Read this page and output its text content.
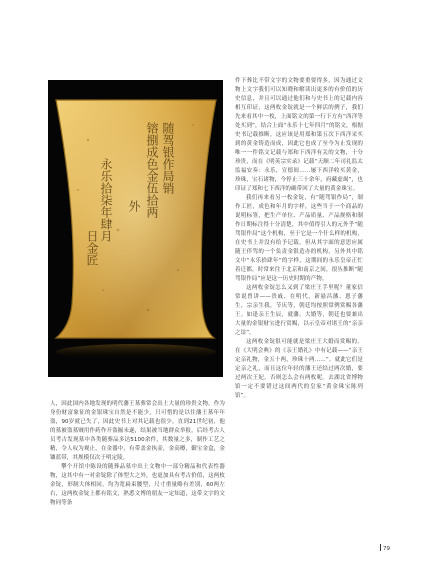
随驾银作局销
镕捌成色金伍拾两
外
永乐拾柒年肆月
日金匠

件下葬比不带文字的文物要重要得多，因为通过文物上文字我们可以知晓和解读出更多的有价值的历史信息，并且可以通过他们和与史书上的记载内容相互印证，这两枚金锭就是一个鲜活的例子，我们先来看其中一枚，上面铭文的第一行下方有“西洋等处买到”，结合上面“永乐十七年四月”的铭文，根据史书记载推断，这应该是用郑和第五次下西洋采买到的黄金铸造而成，因此它也成了至今为止发现的唯一一件铭文记载与郑和下西洋有关的文物，十分珍贵，而在《明英宗实录》记载“天顺二年司礼监太监福安奏：永乐，宣德间……屡下西洋收买黄金，珍珠，宝石诸物，今停止三十余年，府藏虚竭”，也印证了郑和七下西洋的确带回了大量的黄金珠宝。

我们再来看另一枚金锭，有“随驾银作局”，制作工匠，成色和年月的字样，这些当于一个商品的说明标签，把生产单位、产品质量、产品规格和制作日期标注得十分清楚，其中值得引人的元外乎“随驾银作局”这个机构，至于它是一个什么样的机构，在史书上并没有给予记载，但从其字面的意思应属随王伴驾的一个负责金银造办的机构，另外其中铭文中“永乐拾肆年”的字样，这期间的永乐皇帝正忙着迁都，时常来往于北京和南京之间，很丛推断“随驾银作局”应是这一历史时期的产物。

这两枚金锭怎么又到了梁庄王手里呢？董家信常说曾讲——贵戚、在明代，新悬昌藩、恩子藩生，宗亲生我，节庆等，朝廷均按照常例赏赐各藩王。如逢亲王生辰，就藩，大婚等，朝廷也要兼出大量的金银财宝进行赏赐，以示皇帝对诸王的“亲亲之谊”。

这两枚金锭很可能就是梁庄王大婚而赏赐的。在《大明会典》的《亲王婚礼》中有记载——“亲王定亲礼物，金五十两，珍珠十两……”。就此它们是定亲之礼，而且这位年轻的藩王还结过两次婚，要过两次王妃，否则怎么会有两枚呢。去湖北省博物馆一定不要错过这间两代的皇家“黄金珠宝陈列馆”。

人，因此国内各地发现的明代藩王墓葬常会出土大量的珍贵文物，作为身份财富象征的金银珠宝自然是不能少，只可惜的是以往藩王墓年年盗，90岁就已失了，因此史书上对其记载也很少，直到21世纪初，他的墓被盗墓贼用作药作开盗掘未遂，结果被当地群众举报，后经考古人员考古发现墓中各类随葬品多达5100余件，其数量之多，制作工艺之精，令人叹为观止，在金器中，有带盖金执壶，金高樽，御宝金盒，金镶蓝带，其规模仅次于明定陵。

攀个开馆中陈设的随葬品墓中出土文物中一部分精品和代表性器物，这其中有一对金锭除了体型大之外，也更加具有考古价值，这两枚金锭，形制大体相同，均为宽扁束腰型，尺寸重量略有差别，60两左右，这两枚金锭上都有铭文，熟悉文博的朋友一定知道，这带文字的文物同等条

79
